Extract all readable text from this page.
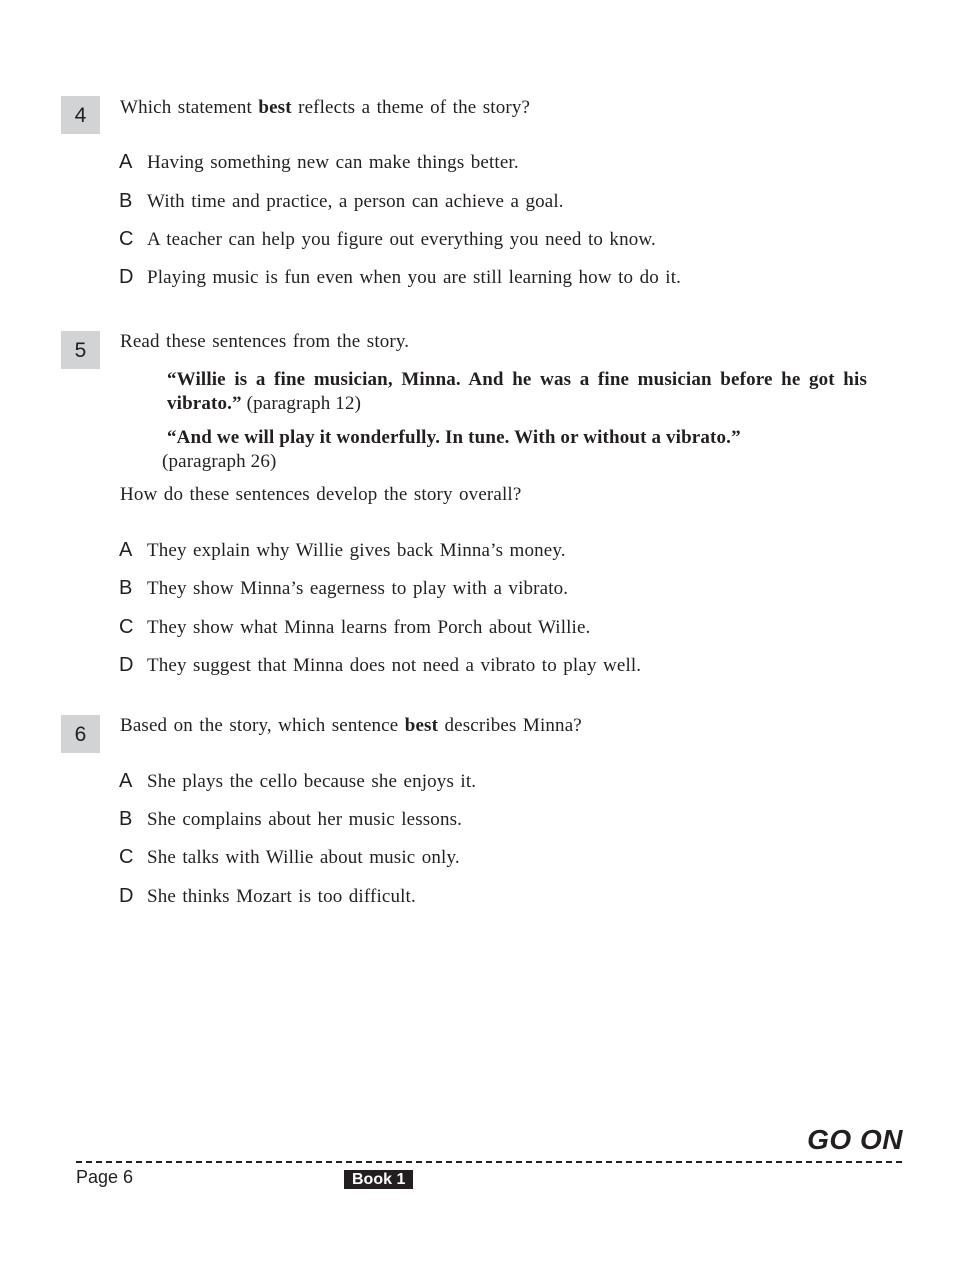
4	Which statement best reflects a theme of the story?
A Having something new can make things better.
B With time and practice, a person can achieve a goal.
C A teacher can help you figure out everything you need to know.
D Playing music is fun even when you are still learning how to do it.
5	Read these sentences from the story.
“Willie is a fine musician, Minna. And he was a fine musician before he got his vibrato.” (paragraph 12)
“And we will play it wonderfully. In tune. With or without a vibrato.”
(paragraph 26)
How do these sentences develop the story overall?
A They explain why Willie gives back Minna’s money.
B They show Minna’s eagerness to play with a vibrato.
C They show what Minna learns from Porch about Willie.
D They suggest that Minna does not need a vibrato to play well.
6	Based on the story, which sentence best describes Minna?
A She plays the cello because she enjoys it.
B She complains about her music lessons.
C She talks with Willie about music only.
D She thinks Mozart is too difficult.
GO ON
Page 6	Book 1
